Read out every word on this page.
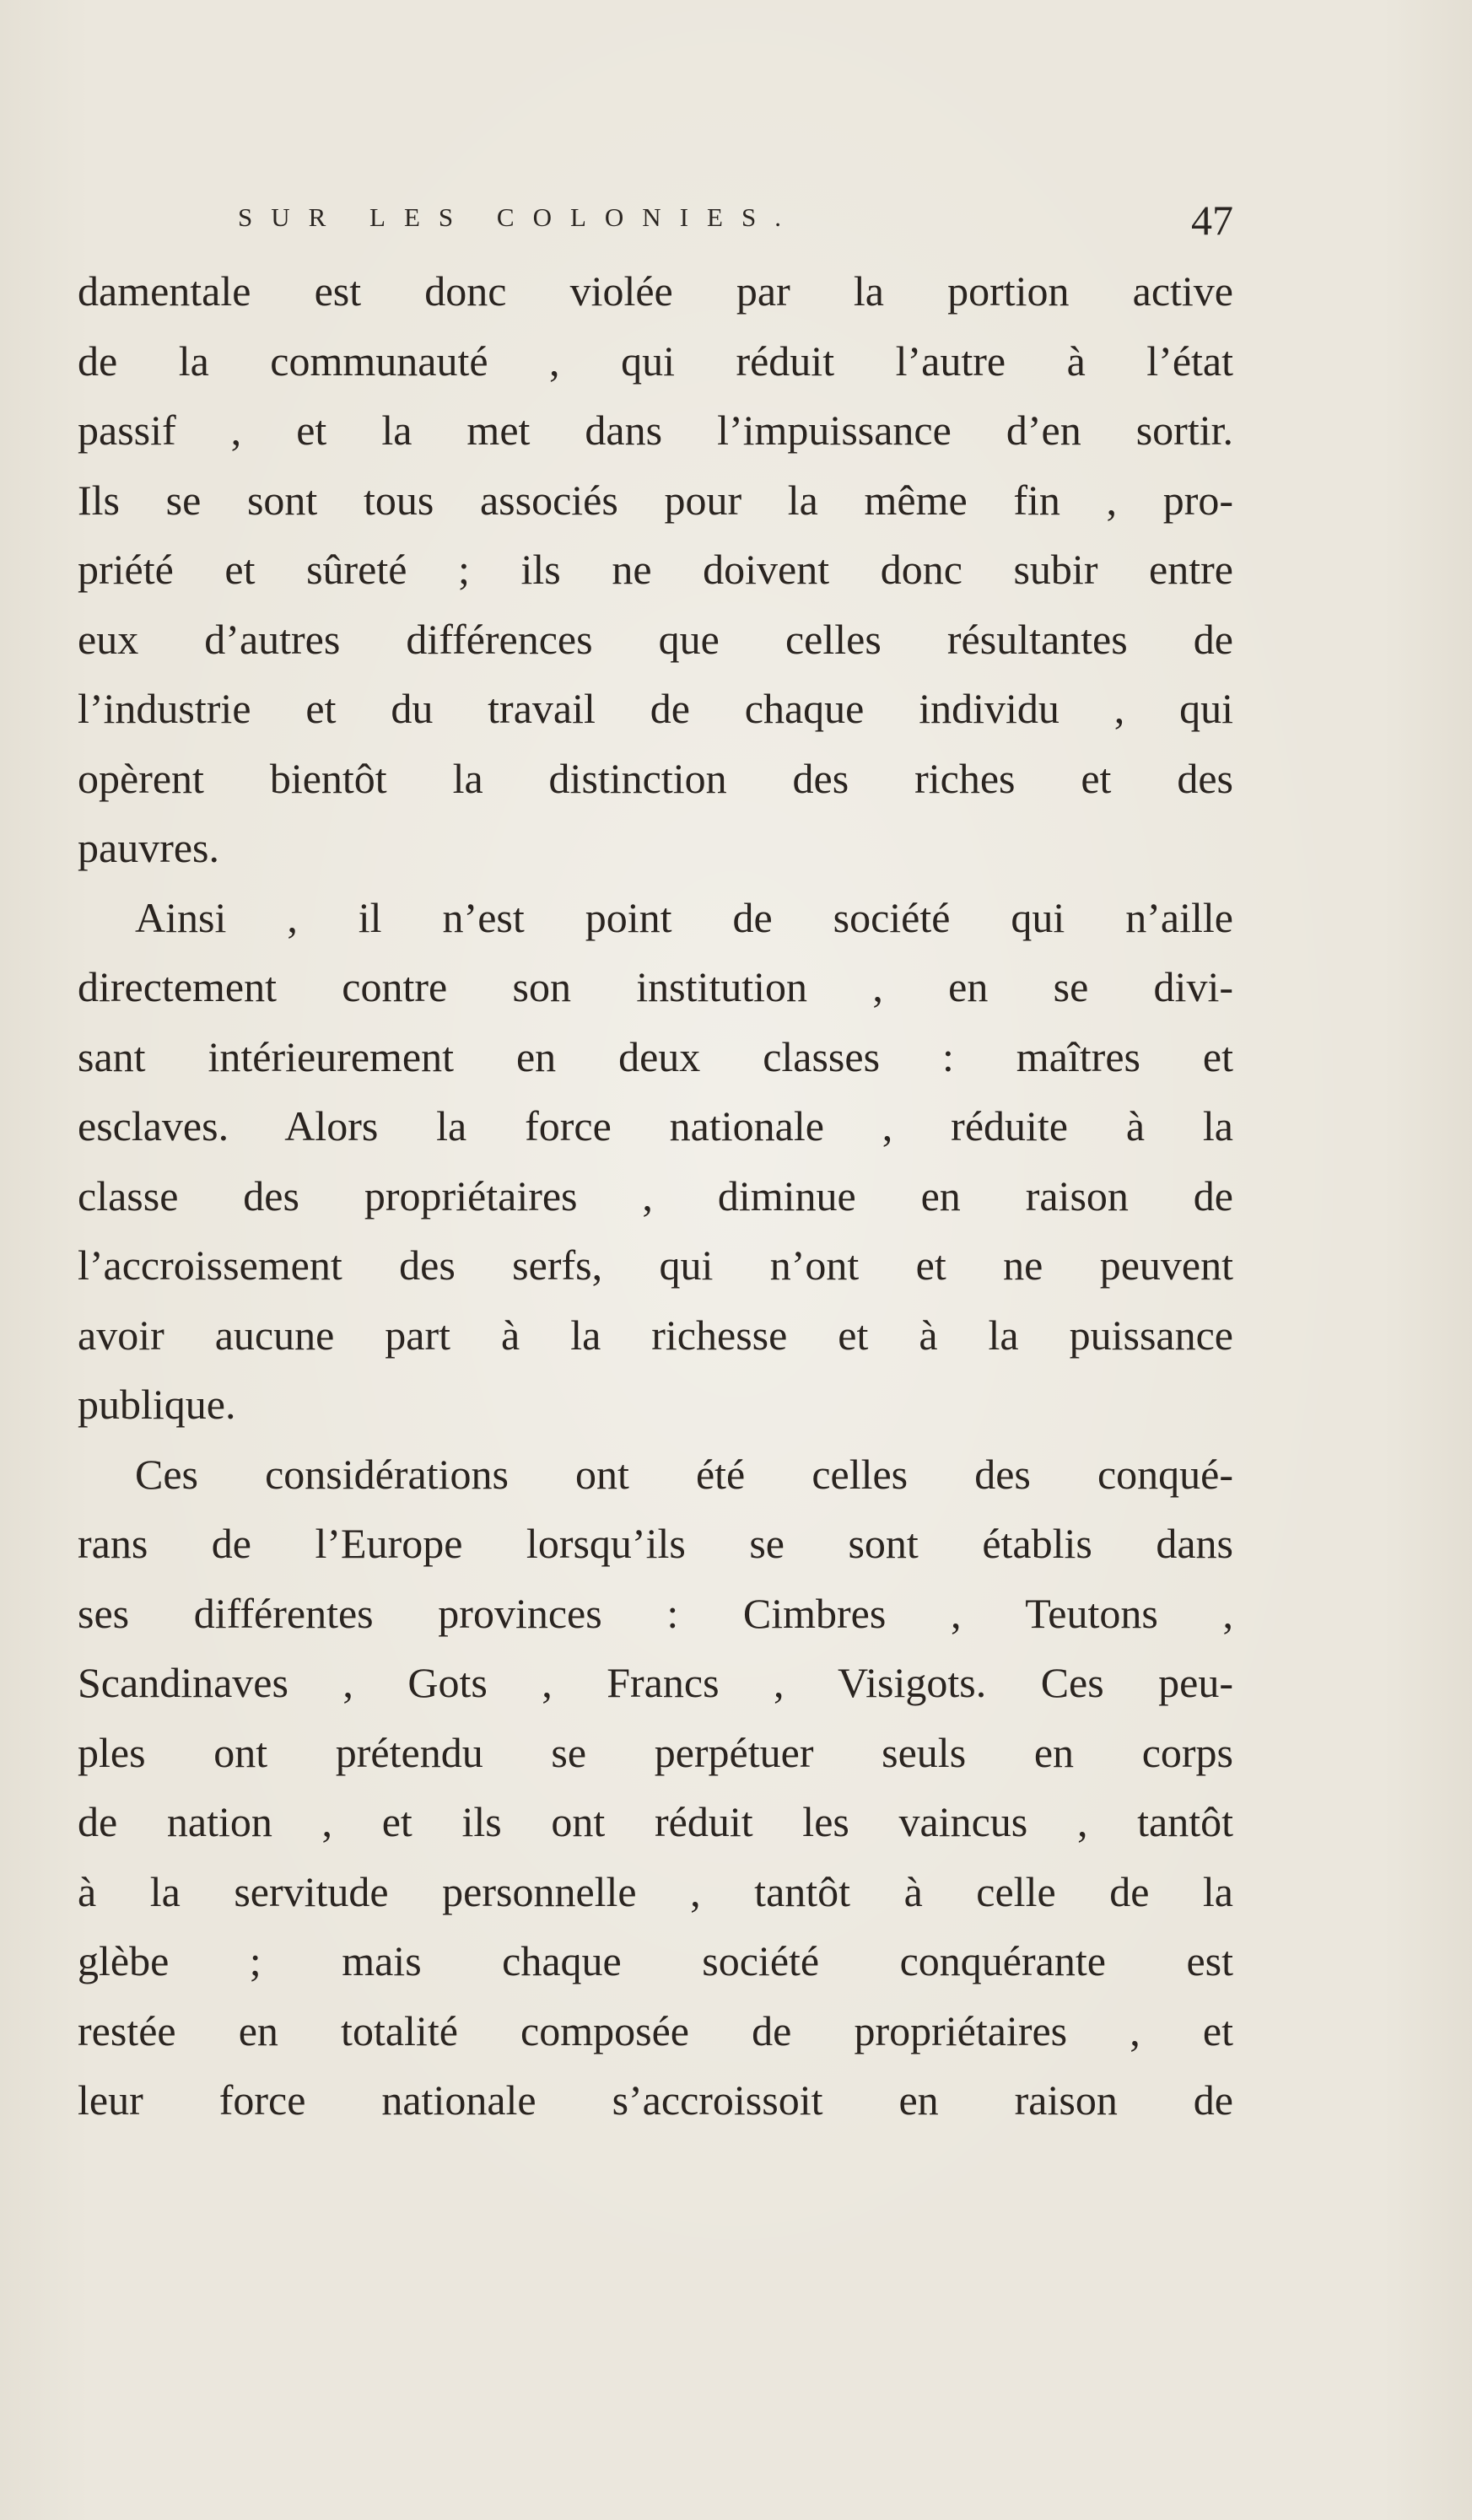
SUR LES COLONIES.	47
damentale est donc violée par la portion active
de la communauté , qui réduit l’autre à l’état
passif , et la met dans l’impuissance d’en sortir.
Ils se sont tous associés pour la même fin , pro-
priété et sûreté ; ils ne doivent donc subir entre
eux d’autres différences que celles résultantes de
l’industrie et du travail de chaque individu , qui
opèrent bientôt la distinction des riches et des
pauvres.
Ainsi , il n’est point de société qui n’aille
directement contre son institution , en se divi-
sant intérieurement en deux classes : maîtres et
esclaves. Alors la force nationale , réduite à la
classe des propriétaires , diminue en raison de
l’accroissement des serfs, qui n’ont et ne peuvent
avoir aucune part à la richesse et à la puissance
publique.
Ces considérations ont été celles des conqué-
rans de l’Europe lorsqu’ils se sont établis dans
ses différentes provinces : Cimbres , Teutons ,
Scandinaves , Gots , Francs , Visigots. Ces peu-
ples ont prétendu se perpétuer seuls en corps
de nation , et ils ont réduit les vaincus , tantôt
à la servitude personnelle , tantôt à celle de la
glèbe ; mais chaque société conquérante est
restée en totalité composée de propriétaires , et
leur force nationale s’accroissoit en raison de
